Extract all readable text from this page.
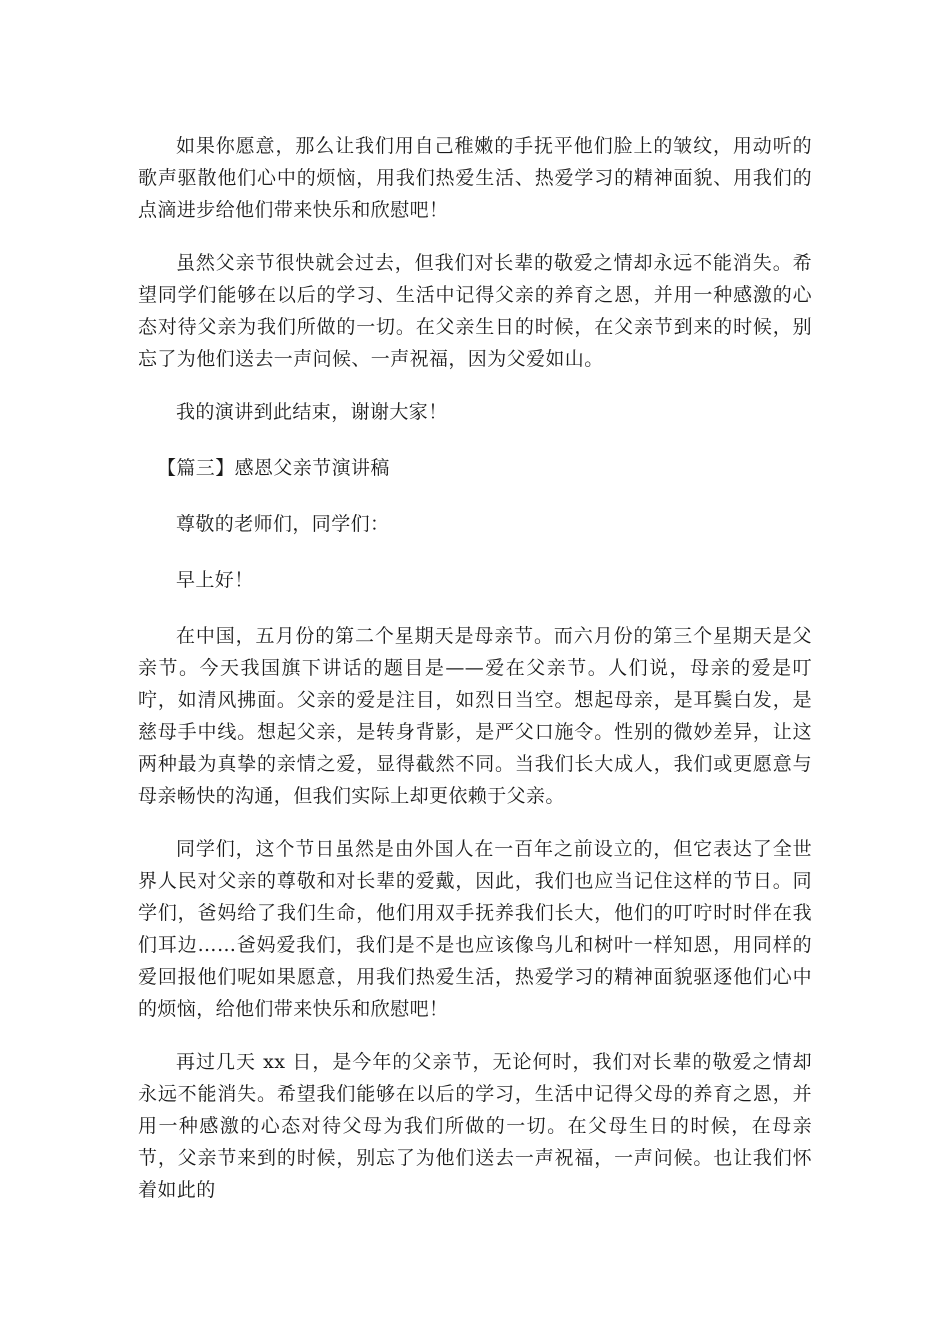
如果你愿意，那么让我们用自己稚嫩的手抚平他们脸上的皱纹，用动听的歌声驱散他们心中的烦恼，用我们热爱生活、热爱学习的精神面貌、用我们的点滴进步给他们带来快乐和欣慰吧！

虽然父亲节很快就会过去，但我们对长辈的敬爱之情却永远不能消失。希望同学们能够在以后的学习、生活中记得父亲的养育之恩，并用一种感激的心态对待父亲为我们所做的一切。在父亲生日的时候，在父亲节到来的时候，别忘了为他们送去一声问候、一声祝福，因为父爱如山。

我的演讲到此结束，谢谢大家！

【篇三】感恩父亲节演讲稿

尊敬的老师们，同学们：

早上好！

在中国，五月份的第二个星期天是母亲节。而六月份的第三个星期天是父亲节。今天我国旗下讲话的题目是——爱在父亲节。人们说，母亲的爱是叮咛，如清风拂面。父亲的爱是注目，如烈日当空。想起母亲，是耳鬓白发，是慈母手中线。想起父亲，是转身背影，是严父口施令。性别的微妙差异，让这两种最为真挚的亲情之爱，显得截然不同。当我们长大成人，我们或更愿意与母亲畅快的沟通，但我们实际上却更依赖于父亲。

同学们，这个节日虽然是由外国人在一百年之前设立的，但它表达了全世界人民对父亲的尊敬和对长辈的爱戴，因此，我们也应当记住这样的节日。同学们，爸妈给了我们生命，他们用双手抚养我们长大，他们的叮咛时时伴在我们耳边……爸妈爱我们，我们是不是也应该像鸟儿和树叶一样知恩，用同样的爱回报他们呢如果愿意，用我们热爱生活，热爱学习的精神面貌驱逐他们心中的烦恼，给他们带来快乐和欣慰吧！

再过几天 xx 日，是今年的父亲节，无论何时，我们对长辈的敬爱之情却永远不能消失。希望我们能够在以后的学习，生活中记得父母的养育之恩，并用一种感激的心态对待父母为我们所做的一切。在父母生日的时候，在母亲节，父亲节来到的时候，别忘了为他们送去一声祝福，一声问候。也让我们怀着如此的
